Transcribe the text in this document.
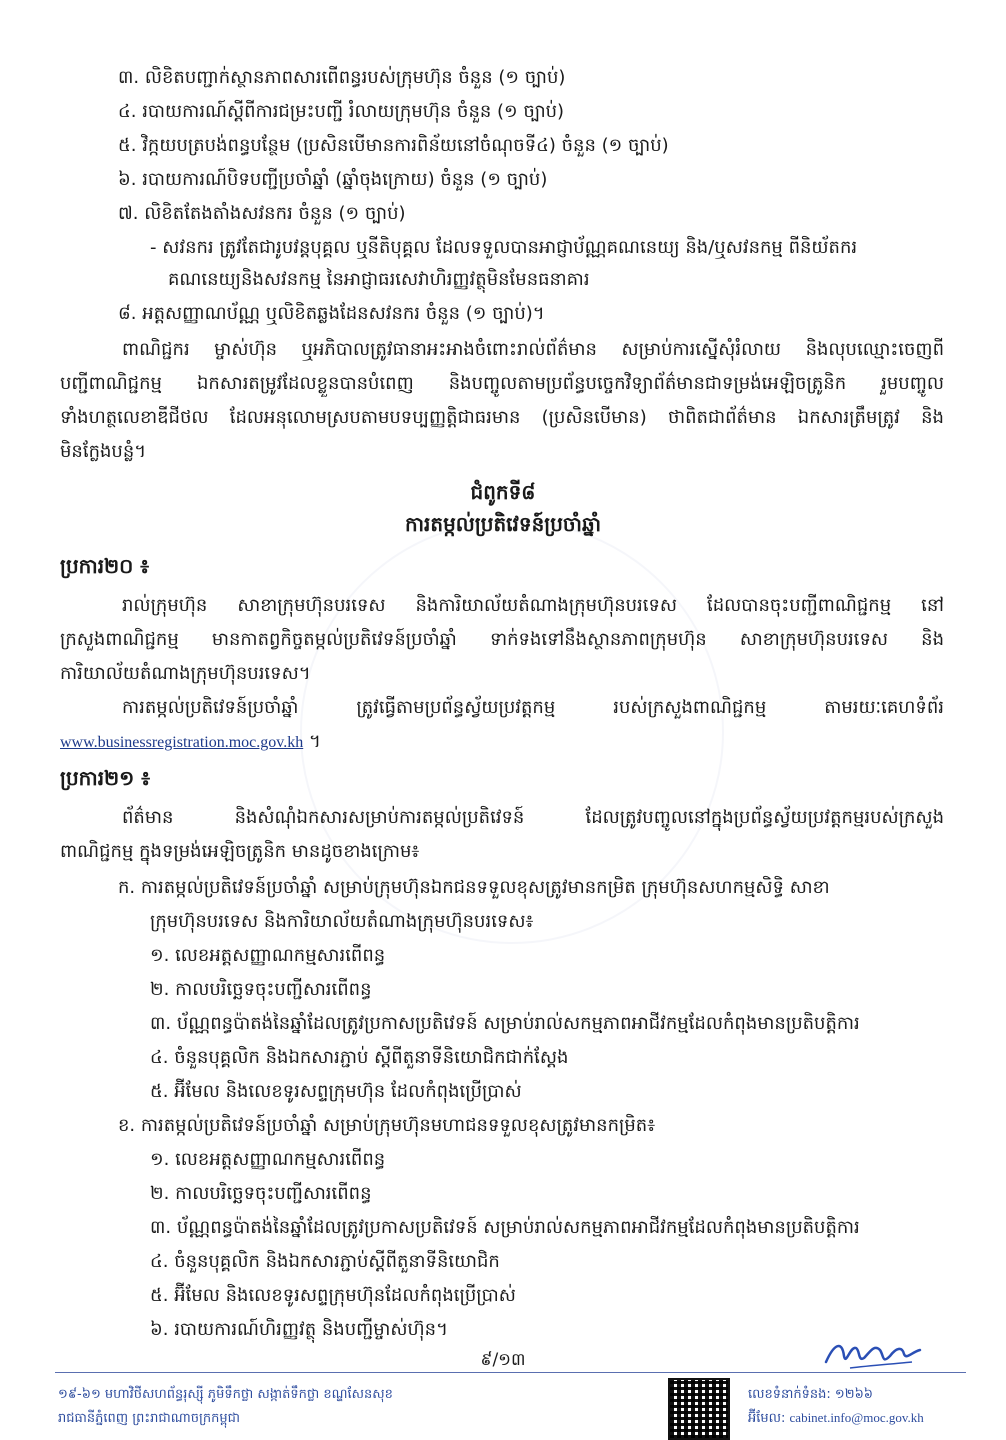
៣. លិខិតបញ្ជាក់ស្ថានភាពសារពើពន្ធរបស់ក្រុមហ៊ុន ចំនួន (១ ច្បាប់)
៤. របាយការណ៍ស្តីពីការជម្រះបញ្ជី រំលាយក្រុមហ៊ុន ចំនួន (១ ច្បាប់)
៥. វិក្កយបត្របង់ពន្ធបន្ថែម (ប្រសិនបើមានការពិន័យនៅចំណុចទី៤) ចំនួន (១ ច្បាប់)
៦. របាយការណ៍បិទបញ្ជីប្រចាំឆ្នាំ (ឆ្នាំចុងក្រោយ) ចំនួន (១ ច្បាប់)
៧. លិខិតតែងតាំងសវនករ ចំនួន (១ ច្បាប់)
- សវនករ ត្រូវតែជារូបវន្តបុគ្គល ឬនីតិបុគ្គល ដែលទទួលបានអាជ្ញាប័ណ្ណគណនេយ្យ និង/ឬសវនកម្ម ពីនិយ័តករ
គណនេយ្យនិងសវនកម្ម នៃអាជ្ញាធរសេវាហិរញ្ញវត្ថុមិនមែនធនាគារ
៨. អត្តសញ្ញាណប័ណ្ណ ឬលិខិតឆ្លងដែនសវនករ ចំនួន (១ ច្បាប់)។
ពាណិជ្ជករ ម្ចាស់ហ៊ុន ឬអភិបាលត្រូវធានាអះអាងចំពោះរាល់ព័ត៌មាន សម្រាប់ការស្នើសុំរំលាយ និងលុបឈ្មោះចេញពី
បញ្ជីពាណិជ្ជកម្ម ឯកសារតម្រូវដែលខ្លួនបានបំពេញ និងបញ្ចូលតាមប្រព័ន្ធបច្ចេកវិទ្យាព័ត៌មានជាទម្រង់អេឡិចត្រូនិក រួមបញ្ចូល
ទាំងហត្ថលេខាឌីជីថល ដែលអនុលោមស្របតាមបទប្បញ្ញត្តិជាធរមាន (ប្រសិនបើមាន) ថាពិតជាព័ត៌មាន ឯកសារត្រឹមត្រូវ និង
មិនក្លែងបន្លំ។
ជំពូកទី៨
ការតម្កល់ប្រតិវេទន៍ប្រចាំឆ្នាំ
ប្រការ២០ ៖
រាល់ក្រុមហ៊ុន សាខាក្រុមហ៊ុនបរទេស និងការិយាល័យតំណាងក្រុមហ៊ុនបរទេស ដែលបានចុះបញ្ជីពាណិជ្ជកម្ម នៅ
ក្រសួងពាណិជ្ជកម្ម មានកាតព្វកិច្ចតម្កល់ប្រតិវេទន៍ប្រចាំឆ្នាំ ទាក់ទងទៅនឹងស្ថានភាពក្រុមហ៊ុន សាខាក្រុមហ៊ុនបរទេស និង
ការិយាល័យតំណាងក្រុមហ៊ុនបរទេស។
ការតម្កល់ប្រតិវេទន៍ប្រចាំឆ្នាំ ត្រូវធ្វើតាមប្រព័ន្ធស្វ័យប្រវត្តកម្ម របស់ក្រសួងពាណិជ្ជកម្ម តាមរយៈគេហទំព័រ
www.businessregistration.moc.gov.kh ។
ប្រការ២១ ៖
ព័ត៌មាន និងសំណុំឯកសារសម្រាប់ការតម្កល់ប្រតិវេទន៍ ដែលត្រូវបញ្ចូលនៅក្នុងប្រព័ន្ធស្វ័យប្រវត្តកម្មរបស់ក្រសួង
ពាណិជ្ជកម្ម ក្នុងទម្រង់អេឡិចត្រូនិក មានដូចខាងក្រោម៖
ក. ការតម្កល់ប្រតិវេទន៍ប្រចាំឆ្នាំ សម្រាប់ក្រុមហ៊ុនឯកជនទទួលខុសត្រូវមានកម្រិត ក្រុមហ៊ុនសហកម្មសិទ្ធិ សាខា
ក្រុមហ៊ុនបរទេស និងការិយាល័យតំណាងក្រុមហ៊ុនបរទេស៖
១. លេខអត្តសញ្ញាណកម្មសារពើពន្ធ
២. កាលបរិច្ឆេទចុះបញ្ជីសារពើពន្ធ
៣. ប័ណ្ណពន្ធប៉ាតង់នៃឆ្នាំដែលត្រូវប្រកាសប្រតិវេទន៍ សម្រាប់រាល់សកម្មភាពអាជីវកម្មដែលកំពុងមានប្រតិបត្តិការ
៤. ចំនួនបុគ្គលិក និងឯកសារភ្ជាប់ ស្តីពីតួនាទីនិយោជិកជាក់ស្តែង
៥. អ៊ីមែល និងលេខទូរសព្ទក្រុមហ៊ុន ដែលកំពុងប្រើប្រាស់
ខ. ការតម្កល់ប្រតិវេទន៍ប្រចាំឆ្នាំ សម្រាប់ក្រុមហ៊ុនមហាជនទទួលខុសត្រូវមានកម្រិត៖
១. លេខអត្តសញ្ញាណកម្មសារពើពន្ធ
២. កាលបរិច្ឆេទចុះបញ្ជីសារពើពន្ធ
៣. ប័ណ្ណពន្ធប៉ាតង់នៃឆ្នាំដែលត្រូវប្រកាសប្រតិវេទន៍ សម្រាប់រាល់សកម្មភាពអាជីវកម្មដែលកំពុងមានប្រតិបត្តិការ
៤. ចំនួនបុគ្គលិក និងឯកសារភ្ជាប់ស្តីពីតួនាទីនិយោជិក
៥. អ៊ីមែល និងលេខទូរសព្ទក្រុមហ៊ុនដែលកំពុងប្រើប្រាស់
៦. របាយការណ៍ហិរញ្ញវត្ថុ និងបញ្ជីម្ចាស់ហ៊ុន។
៩/១៣
១៩-៦១ មហាវិថីសហព័ន្ធរុស្ស៊ី ភូមិទឹកថ្លា សង្កាត់ទឹកថ្លា ខណ្ឌសែនសុខ
រាជធានីភ្នំពេញ ព្រះរាជាណាចក្រកម្ពុជា
លេខទំនាក់ទំនង: ១២៦៦
អ៊ីមែល: cabinet.info@moc.gov.kh
